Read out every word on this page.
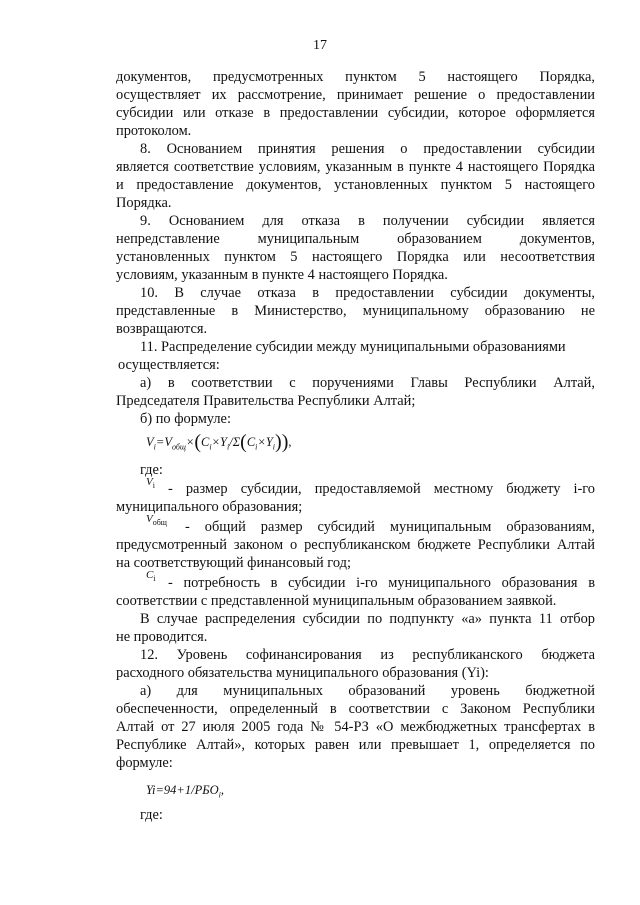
17
документов, предусмотренных пунктом 5 настоящего Порядка,
осуществляет их рассмотрение, принимает решение о предоставлении
субсидии или отказе в предоставлении субсидии, которое оформляется
протоколом.
8. Основанием принятия решения о предоставлении субсидии
является соответствие условиям, указанным в пункте 4 настоящего Порядка
и предоставление документов, установленных пунктом 5 настоящего
Порядка.
9. Основанием для отказа в получении субсидии является
непредставление муниципальным образованием документов,
установленных пунктом 5 настоящего Порядка или несоответствия
условиям, указанным в пункте 4 настоящего Порядка.
10. В случае отказа в предоставлении субсидии документы,
представленные в Министерство, муниципальному образованию не
возвращаются.
11. Распределение субсидии между муниципальными образованиями
осуществляется:
а) в соответствии с поручениями Главы Республики Алтай,
Председателя Правительства Республики Алтай;
б) по формуле:
$V_i=V_{общ}\times(C_i\times Y_i/\Sigma(C_i\times Y_i))$,
где:
$V_i$ - размер субсидии, предоставляемой местному бюджету i-го
муниципального образования;
$V_{общ}$ - общий размер субсидий муниципальным образованиям,
предусмотренный законом о республиканском бюджете Республики Алтай
на соответствующий финансовый год;
$C_i$ - потребность в субсидии i-го муниципального образования в
соответствии с представленной муниципальным образованием заявкой.
В случае распределения субсидии по подпункту «а» пункта 11 отбор
не проводится.
12. Уровень софинансирования из республиканского бюджета
расходного обязательства муниципального образования (Yi):
а) для муниципальных образований уровень бюджетной
обеспеченности, определенный в соответствии с Законом Республики
Алтай от 27 июля 2005 года № 54-РЗ «О межбюджетных трансфертах в
Республике Алтай», которых равен или превышает 1, определяется по
формуле:
$Yi=94+1/РБО_i$,
где:
